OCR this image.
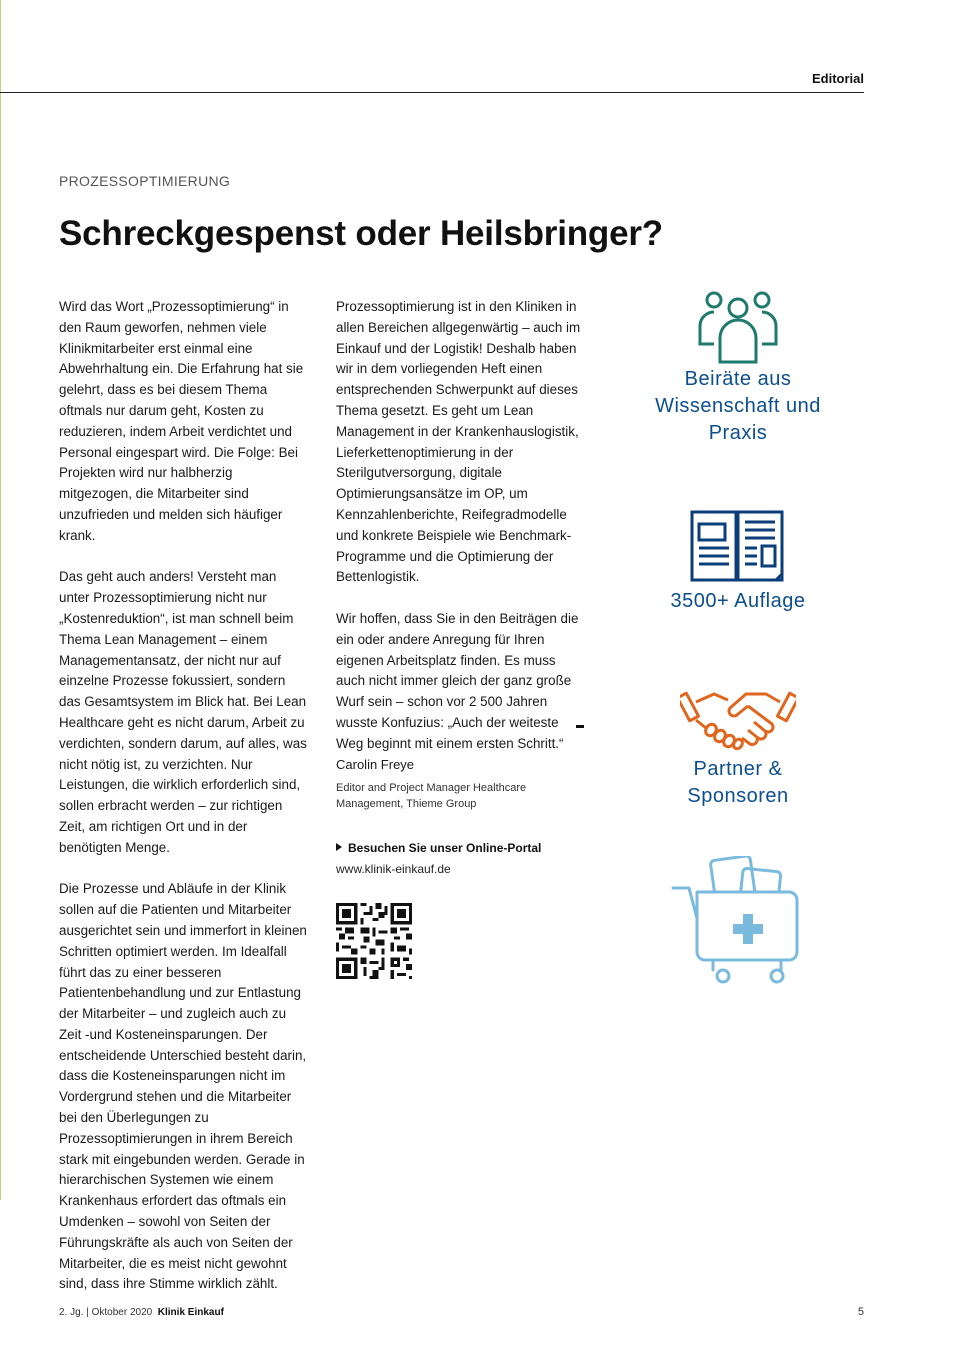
Editorial
PROZESSOPTIMIERUNG
Schreckgespenst oder Heilsbringer?

Wird das Wort „Prozessoptimierung“ in den Raum geworfen, nehmen viele Klinikmitarbeiter erst einmal eine Abwehrhaltung ein. Die Erfahrung hat sie gelehrt, dass es bei diesem Thema oftmals nur darum geht, Kosten zu reduzieren, indem Arbeit verdichtet und Personal eingespart wird. Die Folge: Bei Projekten wird nur halbherzig mitgezogen, die Mitarbeiter sind unzufrieden und melden sich häufiger krank.

Das geht auch anders! Versteht man unter Prozessoptimierung nicht nur „Kostenreduktion“, ist man schnell beim Thema Lean Management – einem Managementansatz, der nicht nur auf einzelne Prozesse fokussiert, sondern das Gesamtsystem im Blick hat. Bei Lean Healthcare geht es nicht darum, Arbeit zu verdichten, sondern darum, auf alles, was nicht nötig ist, zu verzichten. Nur Leistungen, die wirklich erforderlich sind, sollen erbracht werden – zur richtigen Zeit, am richtigen Ort und in der benötigten Menge.

Die Prozesse und Abläufe in der Klinik sollen auf die Patienten und Mitarbeiter ausgerichtet sein und immerfort in kleinen Schritten optimiert werden. Im Idealfall führt das zu einer besseren Patientenbehandlung und zur Entlastung der Mitarbeiter – und zugleich auch zu Zeit -und Kosteneinsparungen. Der entscheidende Unterschied besteht darin, dass die Kosteneinsparungen nicht im Vordergrund stehen und die Mitarbeiter bei den Überlegungen zu Prozessoptimierungen in ihrem Bereich stark mit eingebunden werden. Gerade in hierarchischen Systemen wie einem Krankenhaus erfordert das oftmals ein Umdenken – sowohl von Seiten der Führungskräfte als auch von Seiten der Mitarbeiter, die es meist nicht gewohnt sind, dass ihre Stimme wirklich zählt.

Prozessoptimierung ist in den Kliniken in allen Bereichen allgegenwärtig – auch im Einkauf und der Logistik! Deshalb haben wir in dem vorliegenden Heft einen entsprechenden Schwerpunkt auf dieses Thema gesetzt. Es geht um Lean Management in der Krankenhauslogistik, Lieferkettenoptimierung in der Sterilgutversorgung, digitale Optimierungsansätze im OP, um Kennzahlenberichte, Reifegradmodelle und konkrete Beispiele wie Benchmark-Programme und die Optimierung der Bettenlogistik.

Wir hoffen, dass Sie in den Beiträgen die ein oder andere Anregung für Ihren eigenen Arbeitsplatz finden. Es muss auch nicht immer gleich der ganz große Wurf sein – schon vor 2 500 Jahren wusste Konfuzius: „Auch der weiteste Weg beginnt mit einem ersten Schritt.“

Carolin Freye
Editor and Project Manager Healthcare Management, Thieme Group
Besuchen Sie unser Online-Portal
www.klinik-einkauf.de
Beiräte aus Wissenschaft und Praxis
3500+ Auflage
Partner & Sponsoren
2. Jg. | Oktober 2020 Klinik Einkauf	5
